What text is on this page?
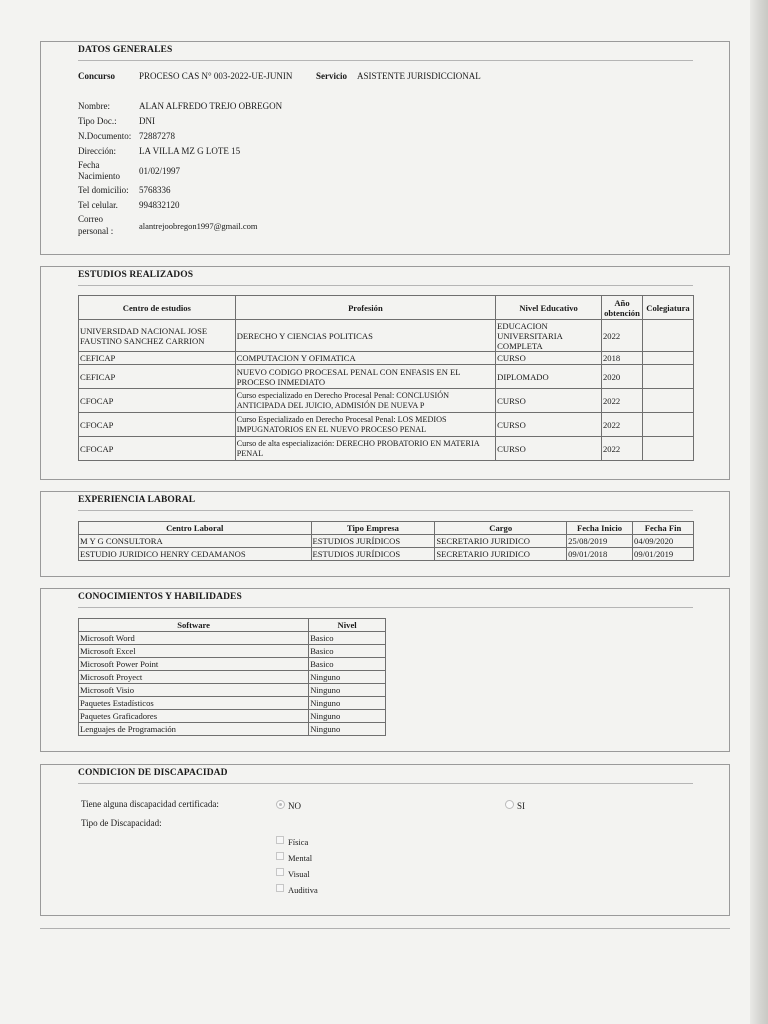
DATOS GENERALES
Concurso	PROCESO CAS N° 003-2022-UE-JUNIN	Servicio ASISTENTE JURISDICCIONAL
Nombre:	ALAN ALFREDO TREJO OBREGON
Tipo Doc.: DNI
N.Documento: 72887278
Dirección:	LA VILLA MZ G LOTE 15
Fecha
Nacimiento 01/02/1997
Tel domicilio: 5768336
Tel celular. 994832120
Correo
personal :	alantrejoobregon1997@gmail.com
ESTUDIOS REALIZADOS
Centro de estudios	Profesión	Nivel Educativo	Año obtención	Colegiatura
UNIVERSIDAD NACIONAL JOSE FAUSTINO SANCHEZ CARRION	DERECHO Y CIENCIAS POLITICAS	EDUCACION UNIVERSITARIA COMPLETA	2022	
CEFICAP	COMPUTACION Y OFIMATICA	CURSO	2018	
CEFICAP	NUEVO CODIGO PROCESAL PENAL CON ENFASIS EN EL PROCESO INMEDIATO	DIPLOMADO	2020	
CFOCAP	Curso especializado en Derecho Procesal Penal: CONCLUSIÓN ANTICIPADA DEL JUICIO, ADMISIÓN DE NUEVA P	CURSO	2022	
CFOCAP	Curso Especializado en Derecho Procesal Penal: LOS MEDIOS IMPUGNATORIOS EN EL NUEVO PROCESO PENAL	CURSO	2022	
CFOCAP	Curso de alta especialización: DERECHO PROBATORIO EN MATERIA PENAL	CURSO	2022	
EXPERIENCIA LABORAL
Centro Laboral	Tipo Empresa	Cargo	Fecha Inicio	Fecha Fin
M Y G CONSULTORA	ESTUDIOS JURÍDICOS	SECRETARIO JURIDICO	25/08/2019	04/09/2020
ESTUDIO JURIDICO HENRY CEDAMANOS	ESTUDIOS JURÍDICOS	SECRETARIO JURIDICO	09/01/2018	09/01/2019
CONOCIMIENTOS Y HABILIDADES
Software	Nivel
Microsoft Word	Basico
Microsoft Excel	Basico
Microsoft Power Point	Basico
Microsoft Proyect	Ninguno
Microsoft Visio	Ninguno
Paquetes Estadísticos	Ninguno
Paquetes Graficadores	Ninguno
Lenguajes de Programación	Ninguno
CONDICION DE DISCAPACIDAD
Tiene alguna discapacidad certificada:	NO	SI
Tipo de Discapacidad:
Física
Mental
Visual
Auditiva
